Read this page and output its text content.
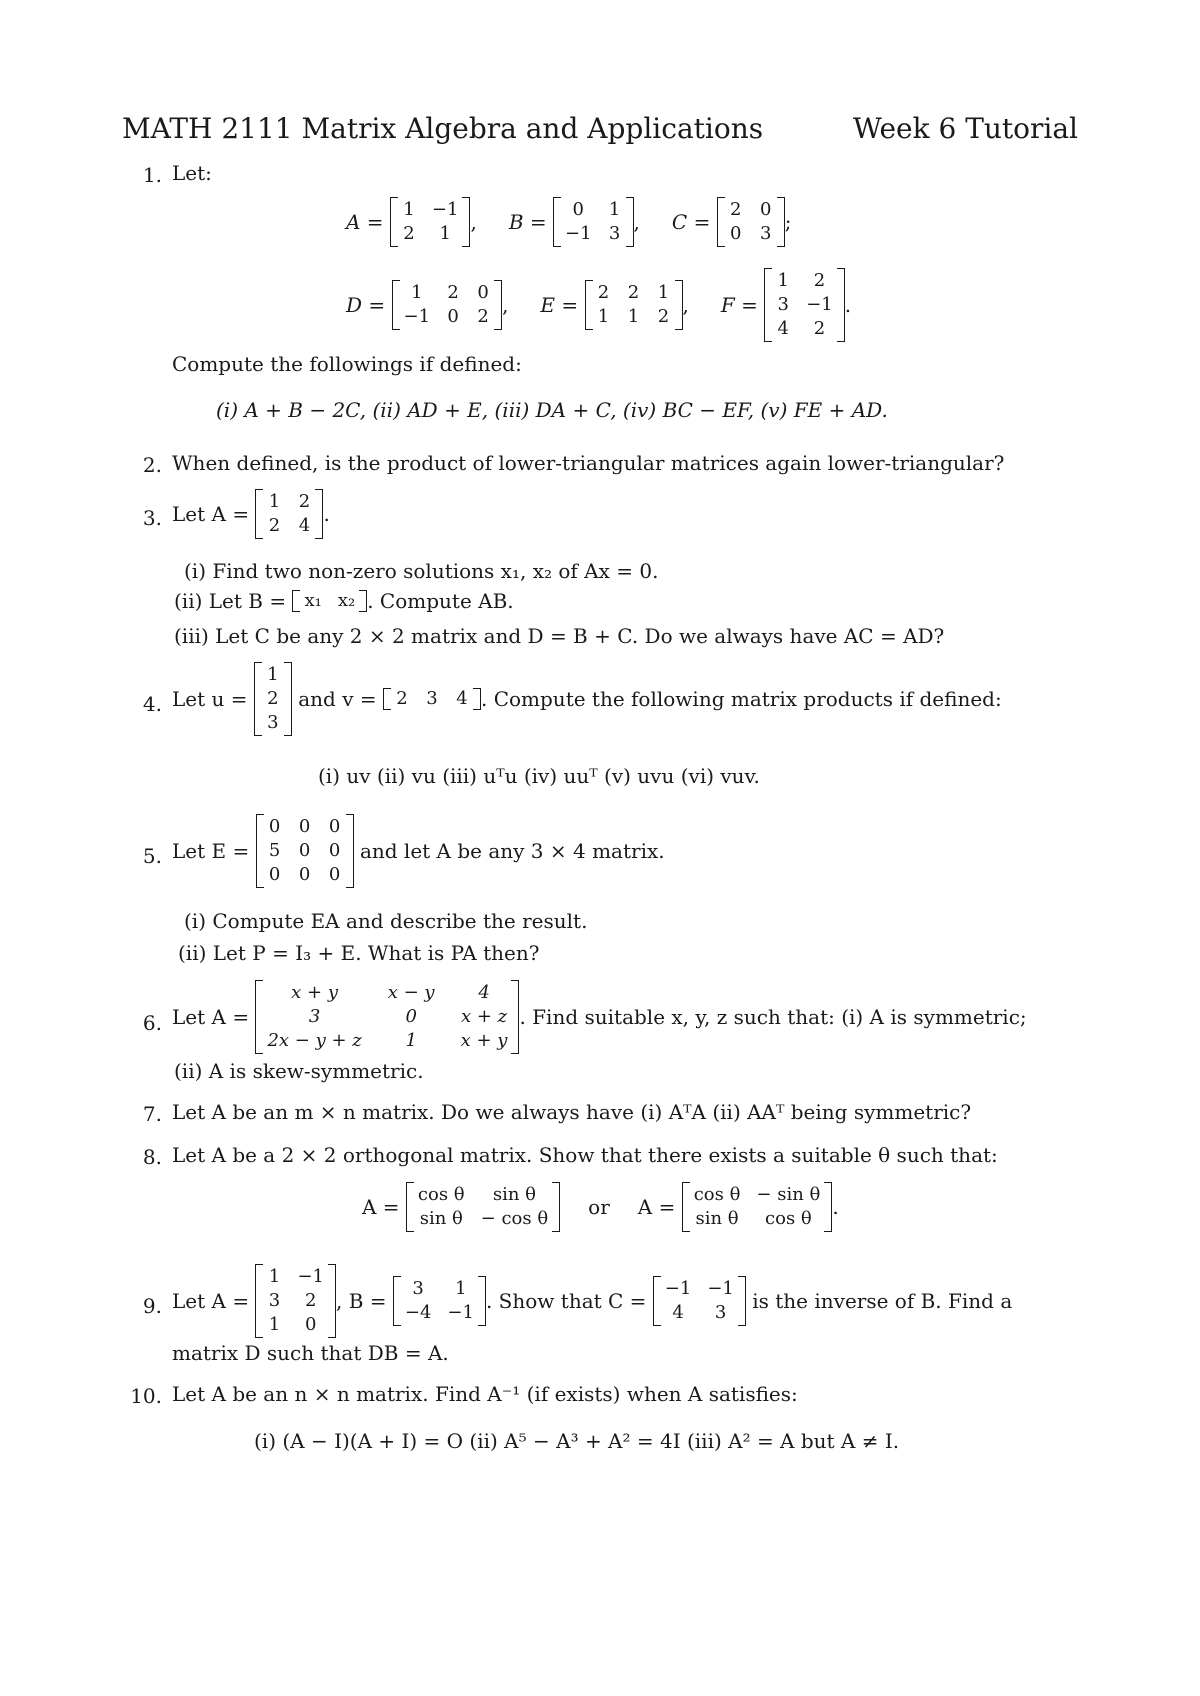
MATH 2111 Matrix Algebra and Applications	Week 6 Tutorial
1. Let:
A =
1 −1
2	1 , B =
0	1
−1 3 , C =
2 0
0 3 ;
D =
1	2 0
−1 0 2 , E =
2 2 1
1 1 2 , F =
1	2
3 −1
4	2
.
Compute the followings if defined:
(i) A + B − 2C, (ii) AD + E, (iii) DA + C, (iv) BC − EF, (v) FE + AD.
2. When defined, is the product of lower-triangular matrices again lower-triangular?
3. Let A =

1 2
2 4 .
(i) Find two non-zero solutions x₁, x₂ of Ax = 0.
(ii) Let B =
x₁ x₂ . Compute AB.
(iii) Let C be any 2 × 2 matrix and D = B + C. Do we always have AC = AD?
4. Let u =

1
2
3

and v =
2 3 4 . Compute the following matrix products if defined:
(i) uv (ii) vu (iii) uᵀu (iv) uuᵀ (v) uvu (vi) vuv.
5. Let E =

0 0 0
5 0 0
0 0 0

and let A be any 3 × 4 matrix.
(i) Compute EA and describe the result.
(ii) Let P = I₃ + E. What is PA then?
6. Let A =

x + y	x − y	4
3	0	x + z
2x − y + z	1	x + y
. Find suitable x, y, z such that: (i) A is symmetric;
(ii) A is skew-symmetric.
7. Let A be an m × n matrix. Do we always have (i) AᵀA (ii) AAᵀ being symmetric?
8. Let A be a 2 × 2 orthogonal matrix. Show that there exists a suitable θ such that:
A =

cos θ	sin θ
sin θ − cos θ or A =

cos θ − sin θ
sin θ	cos θ	.
9. Let A =

1 −1
3	2
1	0
, B =

3	1
−4 −1 . Show that C =

−1 −1
4	3
	is the inverse of B. Find a
matrix D such that DB = A.
10. Let A be an n × n matrix. Find A⁻¹ (if exists) when A satisfies:
(i) (A − I)(A + I) = O (ii) A⁵ − A³ + A² = 4I (iii) A² = A but A ≠ I.
